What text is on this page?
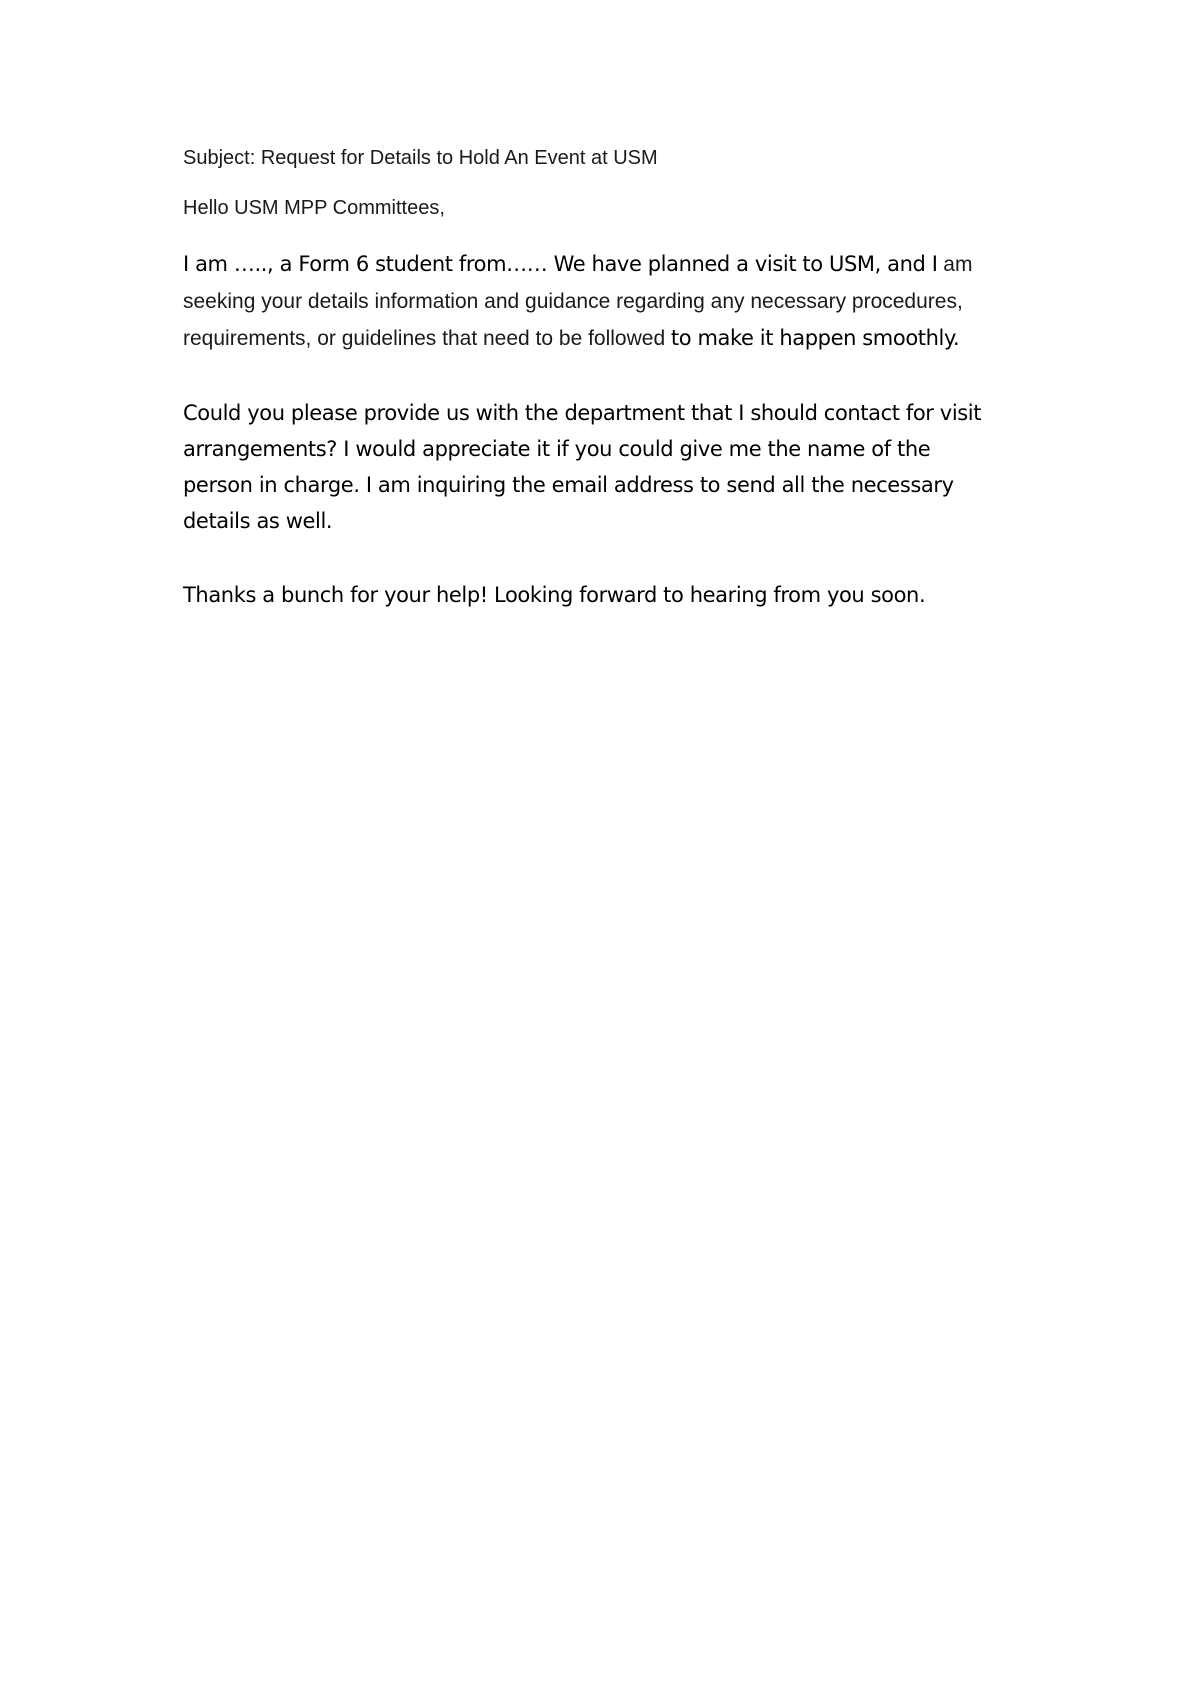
Subject: Request for Details to Hold An Event at USM

Hello USM MPP Committees,

I am ….., a Form 6 student from…… We have planned a visit to USM, and I am seeking your details information and guidance regarding any necessary procedures, requirements, or guidelines that need to be followed to make it happen smoothly.

Could you please provide us with the department that I should contact for visit arrangements? I would appreciate it if you could give me the name of the person in charge. I am inquiring the email address to send all the necessary details as well.

Thanks a bunch for your help! Looking forward to hearing from you soon.
